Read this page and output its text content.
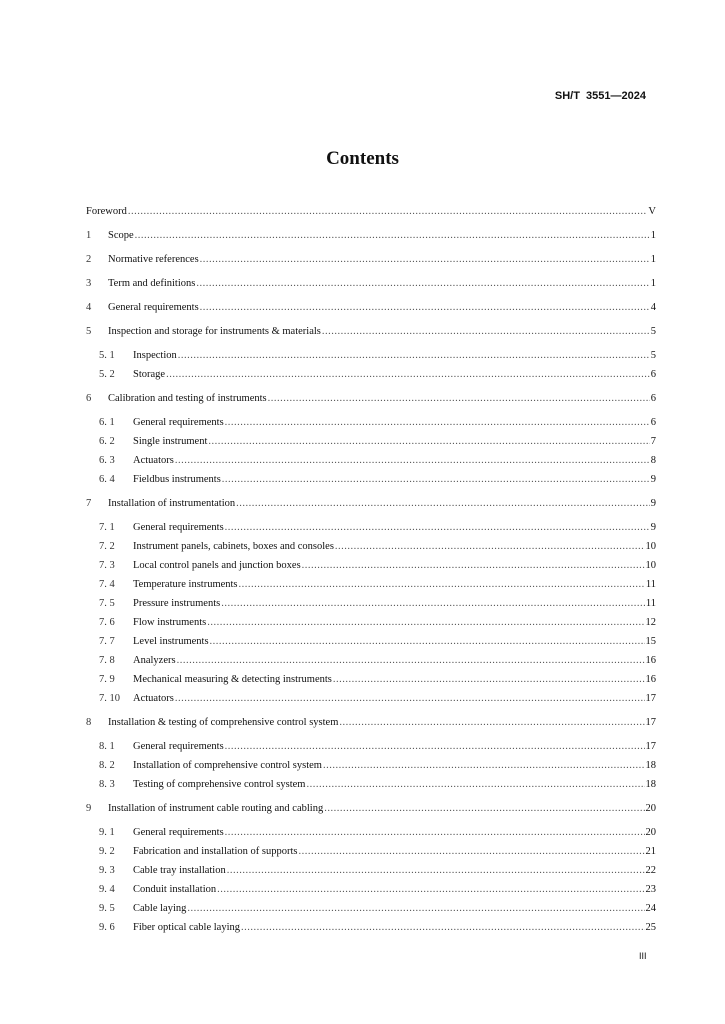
SH/T  3551—2024
Contents
Foreword .....	V
1	Scope .....	1
2	Normative references .....	1
3	Term and definitions .....	1
4	General requirements .....	4
5	Inspection and storage for instruments & materials .....	5
5. 1	Inspection .....	5
5. 2	Storage .....	6
6	Calibration and testing of instruments .....	6
6. 1	General requirements .....	6
6. 2	Single instrument .....	7
6. 3	Actuators .....	8
6. 4	Fieldbus instruments .....	9
7	Installation of instrumentation .....	9
7. 1	General requirements .....	9
7. 2	Instrument panels, cabinets, boxes and consoles .....	10
7. 3	Local control panels and junction boxes .....	10
7. 4	Temperature instruments .....	11
7. 5	Pressure instruments .....	11
7. 6	Flow instruments .....	12
7. 7	Level instruments .....	15
7. 8	Analyzers .....	16
7. 9	Mechanical measuring & detecting instruments .....	16
7. 10	Actuators .....	17
8	Installation & testing of comprehensive control system .....	17
8. 1	General requirements .....	17
8. 2	Installation of comprehensive control system .....	18
8. 3	Testing of comprehensive control system .....	18
9	Installation of instrument cable routing and cabling .....	20
9. 1	General requirements .....	20
9. 2	Fabrication and installation of supports .....	21
9. 3	Cable tray installation .....	22
9. 4	Conduit installation .....	23
9. 5	Cable laying .....	24
9. 6	Fiber optical cable laying .....	25
III
